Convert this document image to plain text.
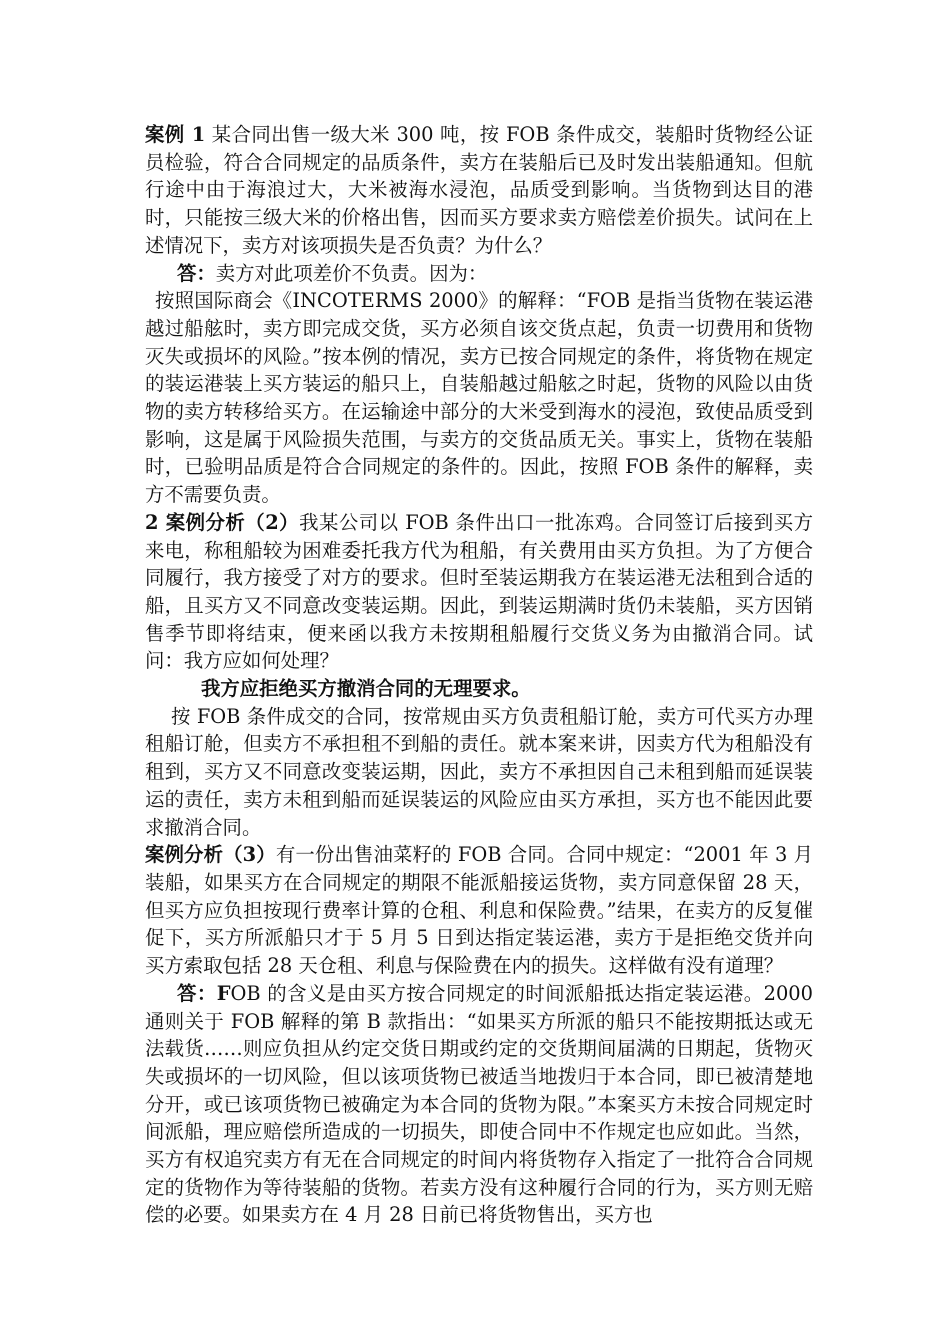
案例 1 某合同出售一级大米 300 吨，按 FOB 条件成交，装船时货物经公证员检验，符合合同规定的品质条件，卖方在装船后已及时发出装船通知。但航行途中由于海浪过大，大米被海水浸泡，品质受到影响。当货物到达目的港时，只能按三级大米的价格出售，因而买方要求卖方赔偿差价损失。试问在上述情况下，卖方对该项损失是否负责？为什么？

答：卖方对此项差价不负责。因为：

按照国际商会《INCOTERMS 2000》的解释：“FOB 是指当货物在装运港越过船舷时，卖方即完成交货，买方必须自该交货点起，负责一切费用和货物灭失或损坏的风险。”按本例的情况，卖方已按合同规定的条件，将货物在规定的装运港装上买方装运的船只上，自装船越过船舷之时起，货物的风险以由货物的卖方转移给买方。在运输途中部分的大米受到海水的浸泡，致使品质受到影响，这是属于风险损失范围，与卖方的交货品质无关。事实上，货物在装船时，已验明品质是符合合同规定的条件的。因此，按照 FOB 条件的解释，卖方不需要负责。

2 案例分析（2）我某公司以 FOB 条件出口一批冻鸡。合同签订后接到买方来电，称租船较为困难委托我方代为租船，有关费用由买方负担。为了方便合同履行，我方接受了对方的要求。但时至装运期我方在装运港无法租到合适的船，且买方又不同意改变装运期。因此，到装运期满时货仍未装船，买方因销售季节即将结束，便来函以我方未按期租船履行交货义务为由撤消合同。试问：我方应如何处理？

我方应拒绝买方撤消合同的无理要求。

按 FOB 条件成交的合同，按常规由买方负责租船订舱，卖方可代买方办理租船订舱，但卖方不承担租不到船的责任。就本案来讲，因卖方代为租船没有租到，买方又不同意改变装运期，因此，卖方不承担因自己未租到船而延误装运的责任，卖方未租到船而延误装运的风险应由买方承担，买方也不能因此要求撤消合同。

案例分析（3）有一份出售油菜籽的 FOB 合同。合同中规定：“2001 年 3 月装船，如果买方在合同规定的期限不能派船接运货物，卖方同意保留 28 天，但买方应负担按现行费率计算的仓租、利息和保险费。”结果，在卖方的反复催促下，买方所派船只才于 5 月 5 日到达指定装运港，卖方于是拒绝交货并向买方索取包括 28 天仓租、利息与保险费在内的损失。这样做有没有道理？

答：FOB 的含义是由买方按合同规定的时间派船抵达指定装运港。2000 通则关于 FOB 解释的第 B 款指出：“如果买方所派的船只不能按期抵达或无法载货……则应负担从约定交货日期或约定的交货期间届满的日期起，货物灭失或损坏的一切风险，但以该项货物已被适当地拨归于本合同，即已被清楚地分开，或已该项货物已被确定为本合同的货物为限。”本案买方未按合同规定时间派船，理应赔偿所造成的一切损失，即使合同中不作规定也应如此。当然，买方有权追究卖方有无在合同规定的时间内将货物存入指定了一批符合合同规定的货物作为等待装船的货物。若卖方没有这种履行合同的行为，买方则无赔偿的必要。如果卖方在 4 月 28 日前已将货物售出，买方也
